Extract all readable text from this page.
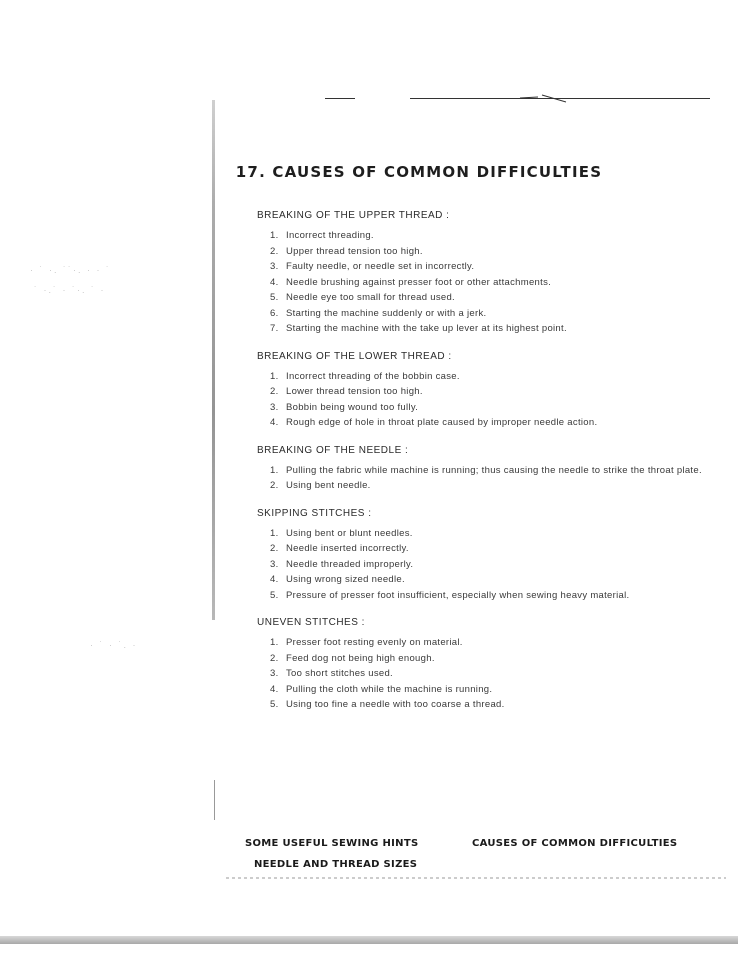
· ˙ ·. ˙˙·. · · ˙
˙ ·.˙ · ˙·. ˙ ·
· ˙ · ˙. ·
17. CAUSES OF COMMON DIFFICULTIES
BREAKING OF THE UPPER THREAD :
1. Incorrect threading.
2. Upper thread tension too high.
3. Faulty needle, or needle set in incorrectly.
4. Needle brushing against presser foot or other attachments.
5. Needle eye too small for thread used.
6. Starting the machine suddenly or with a jerk.
7. Starting the machine with the take up lever at its highest point.
BREAKING OF THE LOWER THREAD :
1. Incorrect threading of the bobbin case.
2. Lower thread tension too high.
3. Bobbin being wound too fully.
4. Rough edge of hole in throat plate caused by improper needle action.
BREAKING OF THE NEEDLE :
1. Pulling the fabric while machine is running; thus causing the needle to strike the throat plate.
2. Using bent needle.
SKIPPING STITCHES :
1. Using bent or blunt needles.
2. Needle inserted incorrectly.
3. Needle threaded improperly.
4. Using wrong sized needle.
5. Pressure of presser foot insufficient, especially when sewing heavy material.
UNEVEN STITCHES :
1. Presser foot resting evenly on material.
2. Feed dog not being high enough.
3. Too short stitches used.
4. Pulling the cloth while the machine is running.
5. Using too fine a needle with too coarse a thread.
SOME USEFUL SEWING HINTS	CAUSES OF COMMON DIFFICULTIES
NEEDLE AND THREAD SIZES
